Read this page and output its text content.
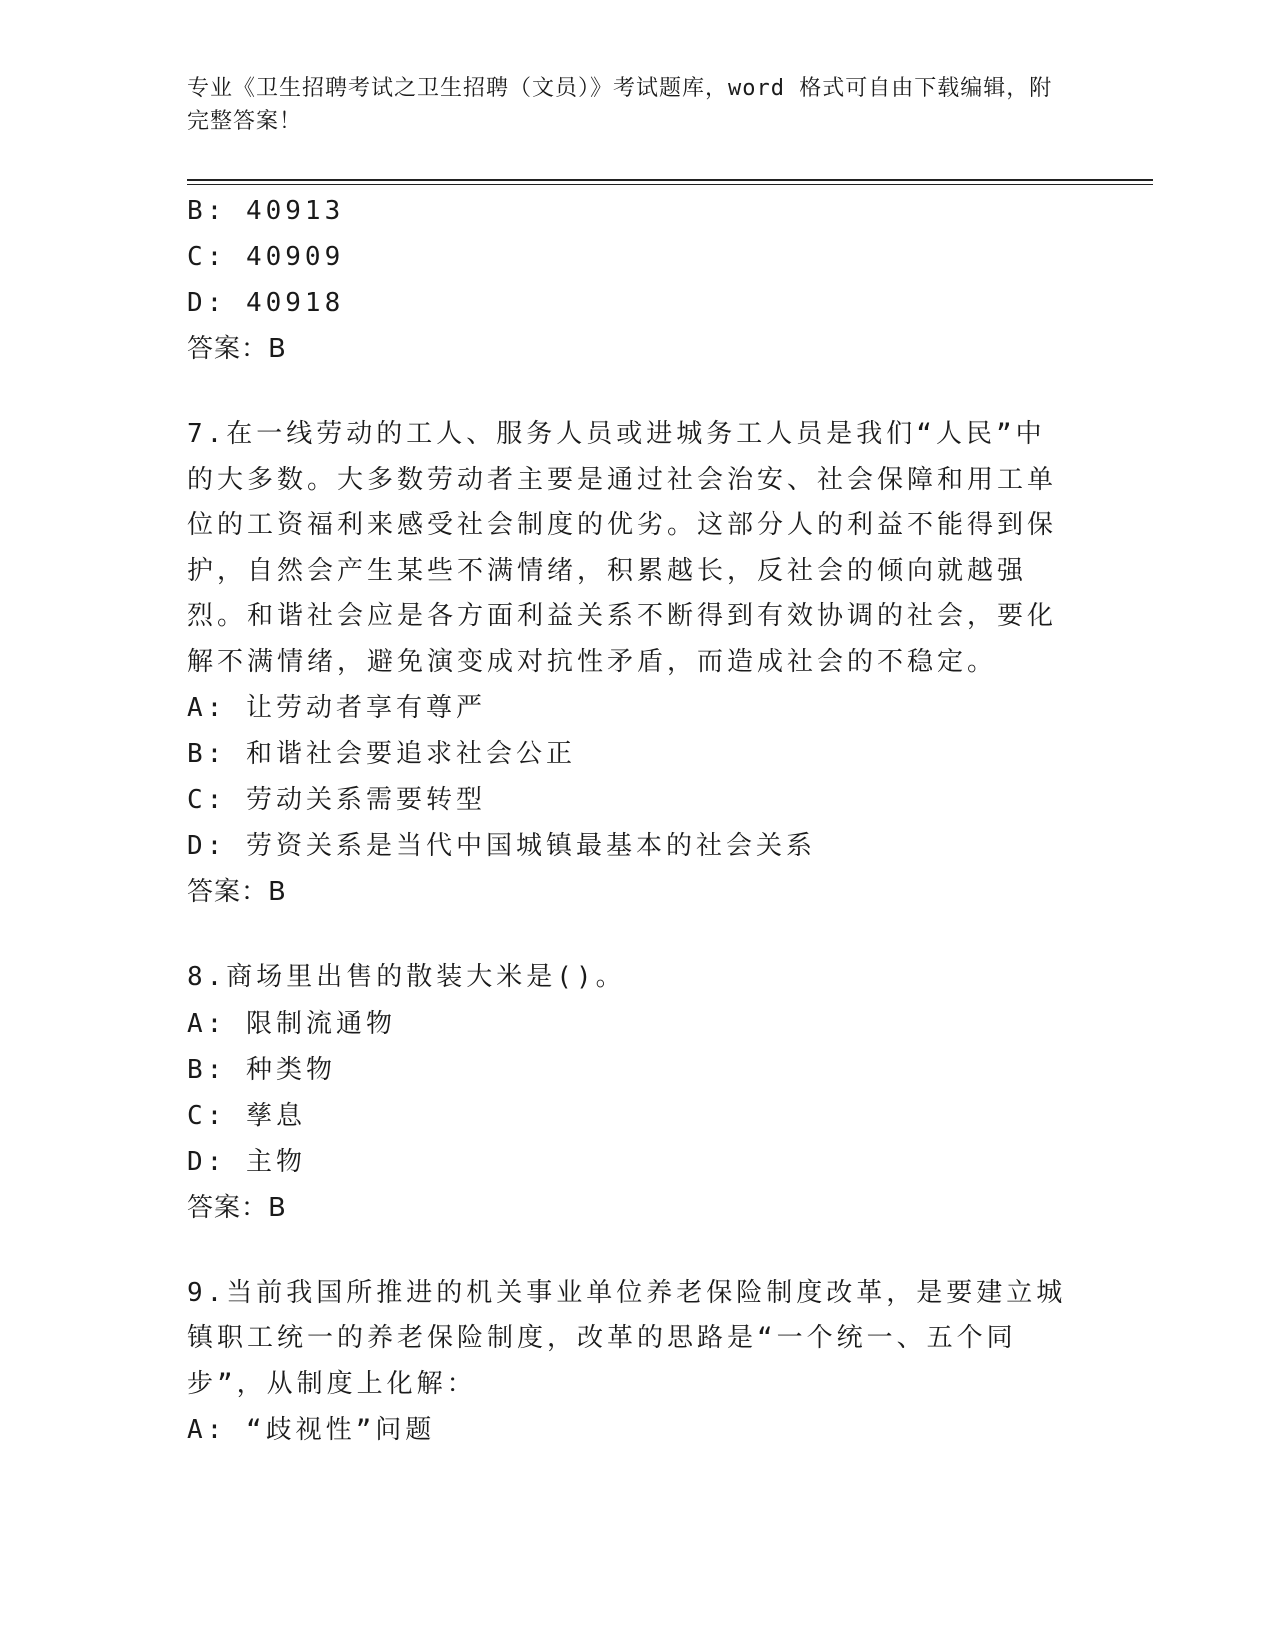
专业《卫生招聘考试之卫生招聘（文员）》考试题库，word 格式可自由下载编辑，附完整答案！
B: 40913
C: 40909
D: 40918
答案：B
7.在一线劳动的工人、服务人员或进城务工人员是我们“人民”中的大多数。大多数劳动者主要是通过社会治安、社会保障和用工单位的工资福利来感受社会制度的优劣。这部分人的利益不能得到保护，自然会产生某些不满情绪，积累越长，反社会的倾向就越强烈。和谐社会应是各方面利益关系不断得到有效协调的社会，要化解不满情绪，避免演变成对抗性矛盾，而造成社会的不稳定。
A: 让劳动者享有尊严
B: 和谐社会要追求社会公正
C: 劳动关系需要转型
D: 劳资关系是当代中国城镇最基本的社会关系
答案：B
8.商场里出售的散装大米是()。
A: 限制流通物
B: 种类物
C: 孳息
D: 主物
答案：B
9.当前我国所推进的机关事业单位养老保险制度改革，是要建立城镇职工统一的养老保险制度，改革的思路是“一个统一、五个同步”，从制度上化解：
A: “歧视性”问题
